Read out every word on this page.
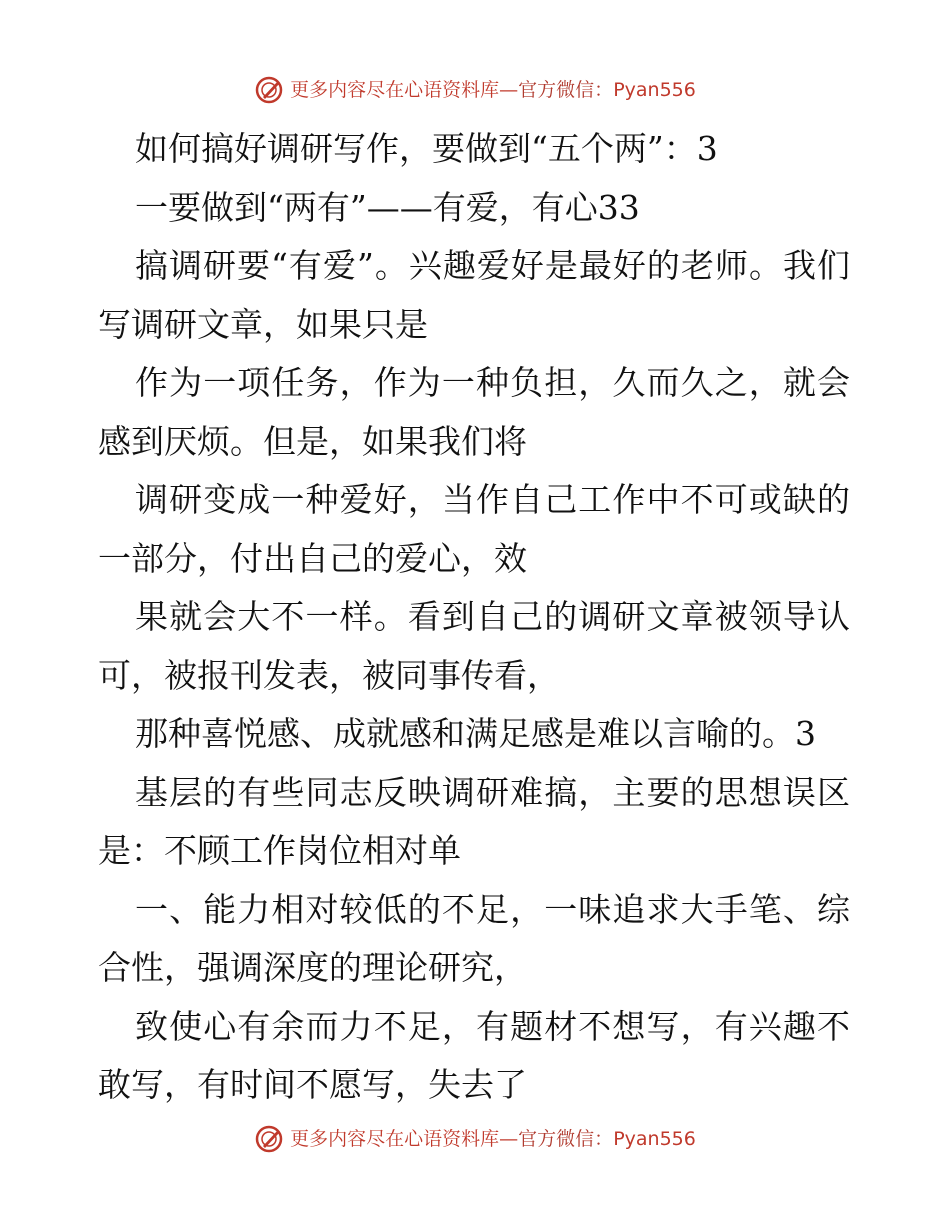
更多内容尽在心语资料库 — 官方微信： Pyan556

如何搞好调研写作，要做到“五个两”：3

一要做到“两有”——有爱，有心33

搞调研要“有爱”。兴趣爱好是最好的老师。我们写调研文章，如果只是

作为一项任务，作为一种负担，久而久之，就会感到厌烦。但是，如果我们将

调研变成一种爱好，当作自己工作中不可或缺的一部分，付出自己的爱心，效

果就会大不一样。看到自己的调研文章被领导认可，被报刊发表，被同事传看，

那种喜悦感、成就感和满足感是难以言喻的。3

基层的有些同志反映调研难搞，主要的思想误区是：不顾工作岗位相对单

一、能力相对较低的不足，一味追求大手笔、综合性，强调深度的理论研究，

致使心有余而力不足，有题材不想写，有兴趣不敢写，有时间不愿写，失去了

更多内容尽在心语资料库 — 官方微信： Pyan556
